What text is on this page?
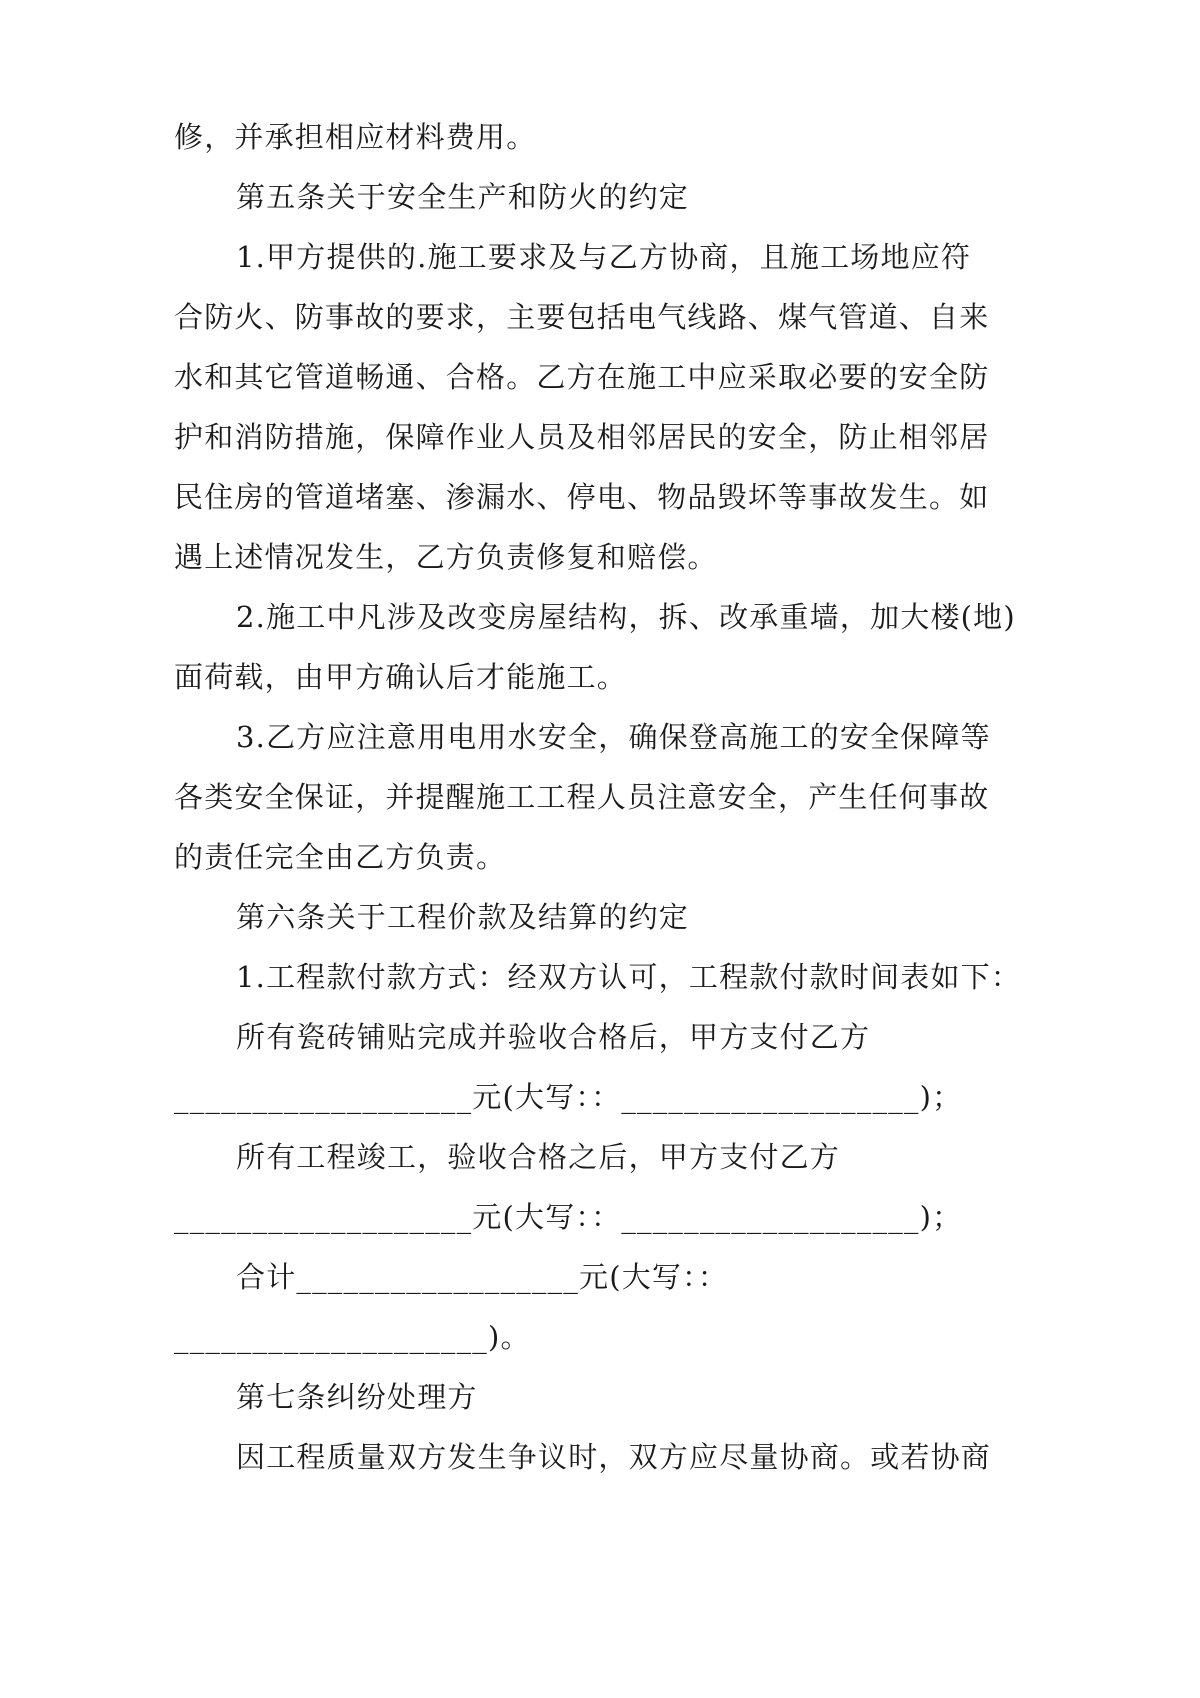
修，并承担相应材料费用。
第五条关于安全生产和防火的约定
1.甲方提供的.施工要求及与乙方协商，且施工场地应符
合防火、防事故的要求，主要包括电气线路、煤气管道、自来
水和其它管道畅通、合格。乙方在施工中应采取必要的安全防
护和消防措施，保障作业人员及相邻居民的安全，防止相邻居
民住房的管道堵塞、渗漏水、停电、物品毁坏等事故发生。如
遇上述情况发生，乙方负责修复和赔偿。
2.施工中凡涉及改变房屋结构，拆、改承重墙，加大楼(地)
面荷载，由甲方确认后才能施工。
3.乙方应注意用电用水安全，确保登高施工的安全保障等
各类安全保证，并提醒施工工程人员注意安全，产生任何事故
的责任完全由乙方负责。
第六条关于工程价款及结算的约定
1.工程款付款方式：经双方认可，工程款付款时间表如下：
所有瓷砖铺贴完成并验收合格后，甲方支付乙方
___________________元(大写：：___________________)；
所有工程竣工，验收合格之后，甲方支付乙方
___________________元(大写：：___________________)；
合计__________________元(大写：：
____________________)。
第七条纠纷处理方
因工程质量双方发生争议时，双方应尽量协商。或若协商
